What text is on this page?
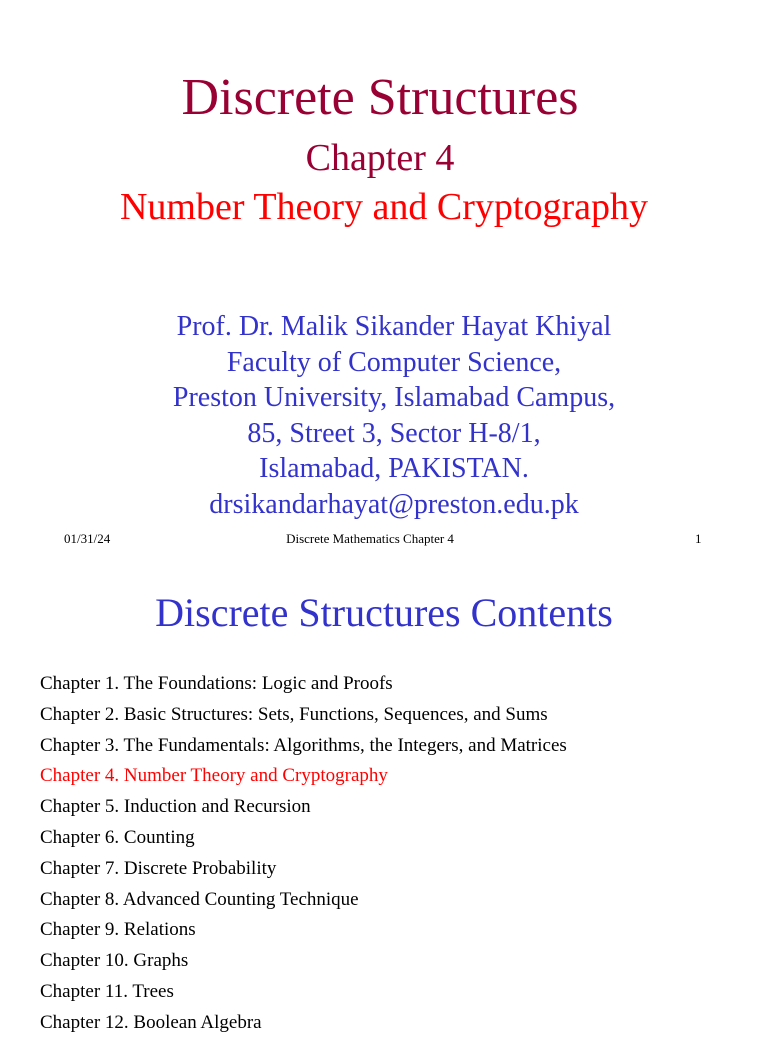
Discrete Structures
Chapter 4
Number Theory and Cryptography
Prof. Dr. Malik Sikander Hayat Khiyal
Faculty of Computer Science,
Preston University, Islamabad Campus,
85, Street 3, Sector H-8/1,
Islamabad, PAKISTAN.
drsikandarhayat@preston.edu.pk
01/31/24	Discrete Mathematics Chapter 4	1
Discrete Structures Contents
Chapter 1. The Foundations: Logic and Proofs
Chapter 2. Basic Structures: Sets, Functions, Sequences, and Sums
Chapter 3. The Fundamentals: Algorithms, the Integers, and Matrices
Chapter 4. Number Theory and Cryptography
Chapter 5. Induction and Recursion
Chapter 6. Counting
Chapter 7. Discrete Probability
Chapter 8. Advanced Counting Technique
Chapter 9. Relations
Chapter 10. Graphs
Chapter 11. Trees
Chapter 12. Boolean Algebra
